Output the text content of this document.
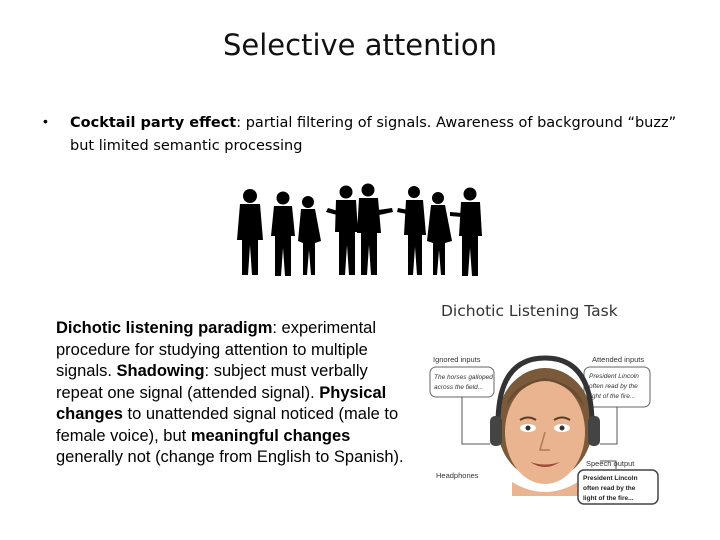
Selective attention
• Cocktail party effect: partial filtering of signals. Awareness of background “buzz” but limited semantic processing
Dichotic listening paradigm: experimental procedure for studying attention to multiple signals. Shadowing: subject must verbally repeat one signal (attended signal). Physical changes to unattended signal noticed (male to female voice), but meaningful changes generally not (change from English to Spanish).
Dichotic Listening Task
Ignored inputs	Attended inputs
The horses galloped
across the field...
President Lincoln
often read by the
light of the fire...
Headphones
Speech output
President Lincoln
often read by the
light of the fire...
